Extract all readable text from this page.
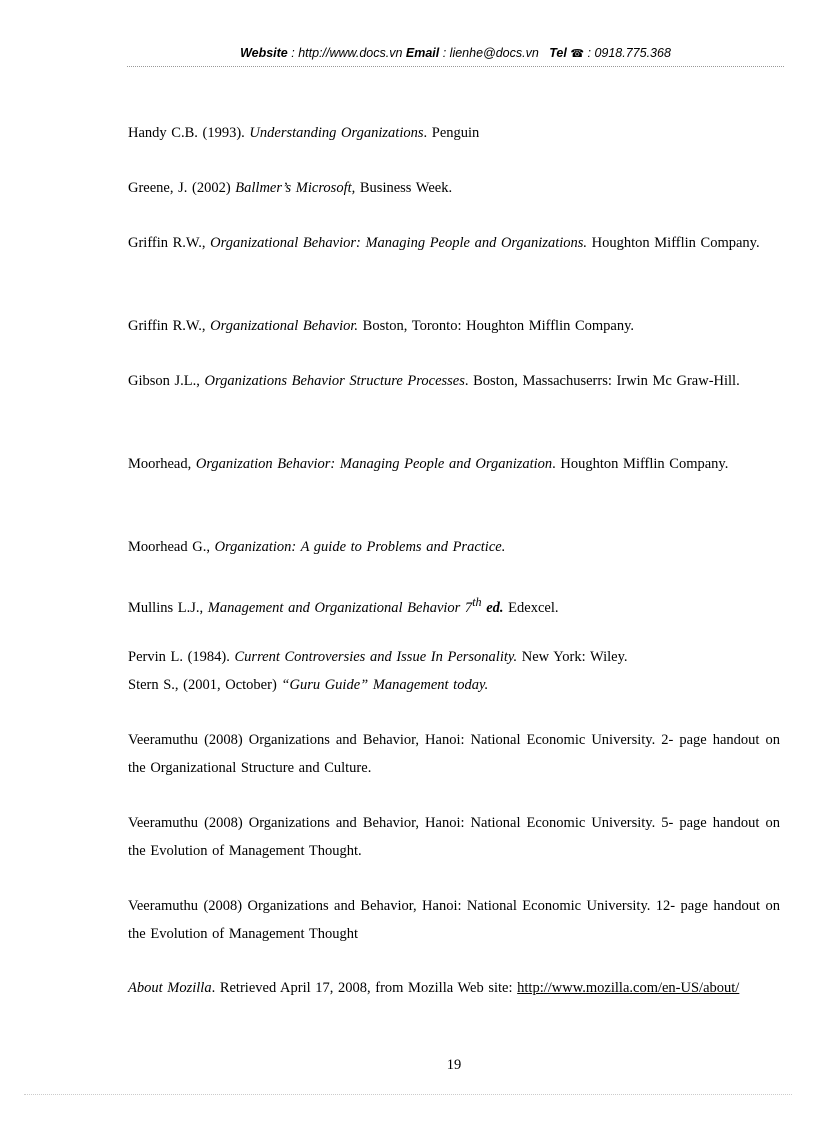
Website : http://www.docs.vn Email : lienhe@docs.vn Tel ☎ : 0918.775.368
Handy C.B. (1993). Understanding Organizations. Penguin
Greene, J. (2002) Ballmer’s Microsoft, Business Week.
Griffin R.W., Organizational Behavior: Managing People and Organizations. Houghton Mifflin Company.
Griffin R.W., Organizational Behavior. Boston, Toronto: Houghton Mifflin Company.
Gibson J.L., Organizations Behavior Structure Processes. Boston, Massachuserrs: Irwin Mc Graw-Hill.
Moorhead, Organization Behavior: Managing People and Organization. Houghton Mifflin Company.
Moorhead G., Organization: A guide to Problems and Practice.
Mullins L.J., Management and Organizational Behavior 7th ed. Edexcel.
Pervin L. (1984). Current Controversies and Issue In Personality. New York: Wiley.
Stern S., (2001, October) “Guru Guide” Management today.
Veeramuthu (2008) Organizations and Behavior, Hanoi: National Economic University. 2- page handout on the Organizational Structure and Culture.
Veeramuthu (2008) Organizations and Behavior, Hanoi: National Economic University. 5- page handout on the Evolution of Management Thought.
Veeramuthu (2008) Organizations and Behavior, Hanoi: National Economic University. 12- page handout on the Evolution of Management Thought
About Mozilla. Retrieved April 17, 2008, from Mozilla Web site: http://www.mozilla.com/en-US/about/
19
